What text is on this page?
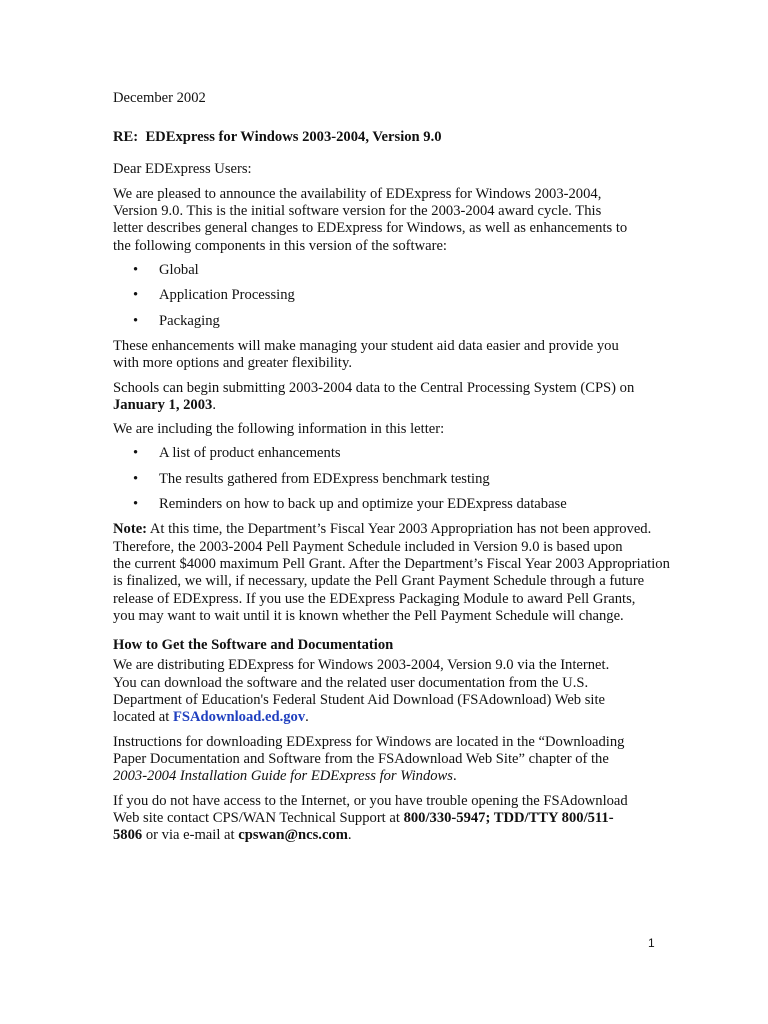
December 2002
RE: EDExpress for Windows 2003-2004, Version 9.0
Dear EDExpress Users:
We are pleased to announce the availability of EDExpress for Windows 2003-2004,
Version 9.0. This is the initial software version for the 2003-2004 award cycle. This
letter describes general changes to EDExpress for Windows, as well as enhancements to
the following components in this version of the software:
• Global
• Application Processing
• Packaging
These enhancements will make managing your student aid data easier and provide you
with more options and greater flexibility.
Schools can begin submitting 2003-2004 data to the Central Processing System (CPS) on
January 1, 2003.
We are including the following information in this letter:
• A list of product enhancements
• The results gathered from EDExpress benchmark testing
• Reminders on how to back up and optimize your EDExpress database
Note: At this time, the Department’s Fiscal Year 2003 Appropriation has not been approved.
Therefore, the 2003-2004 Pell Payment Schedule included in Version 9.0 is based upon
the current $4000 maximum Pell Grant. After the Department’s Fiscal Year 2003 Appropriation
is finalized, we will, if necessary, update the Pell Grant Payment Schedule through a future
release of EDExpress. If you use the EDExpress Packaging Module to award Pell Grants,
you may want to wait until it is known whether the Pell Payment Schedule will change.
How to Get the Software and Documentation
We are distributing EDExpress for Windows 2003-2004, Version 9.0 via the Internet.
You can download the software and the related user documentation from the U.S.
Department of Education's Federal Student Aid Download (FSAdownload) Web site
located at FSAdownload.ed.gov.
Instructions for downloading EDExpress for Windows are located in the “Downloading
Paper Documentation and Software from the FSAdownload Web Site” chapter of the
2003-2004 Installation Guide for EDExpress for Windows.
If you do not have access to the Internet, or you have trouble opening the FSAdownload
Web site contact CPS/WAN Technical Support at 800/330-5947; TDD/TTY 800/511-
5806 or via e-mail at cpswan@ncs.com.
1
